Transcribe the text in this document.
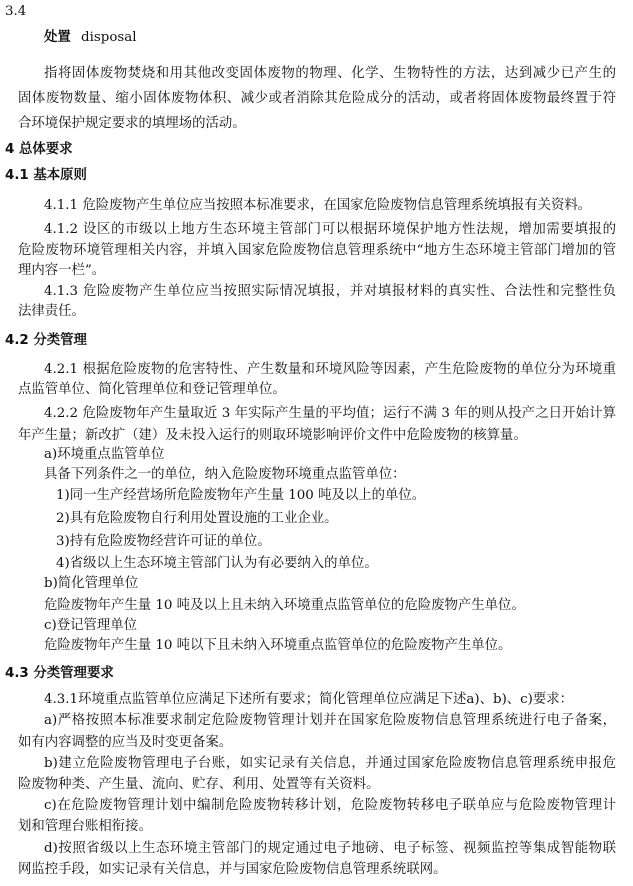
3.4
处置 disposal
指将固体废物焚烧和用其他改变固体废物的物理、化学、生物特性的方法，达到减少已产生的
固体废物数量、缩小固体废物体积、减少或者消除其危险成分的活动，或者将固体废物最终置于符
合环境保护规定要求的填埋场的活动。
4 总体要求
4.1 基本原则
4.1.1 危险废物产生单位应当按照本标准要求，在国家危险废物信息管理系统填报有关资料。
4.1.2 设区的市级以上地方生态环境主管部门可以根据环境保护地方性法规，增加需要填报的
危险废物环境管理相关内容，并填入国家危险废物信息管理系统中“地方生态环境主管部门增加的管
理内容一栏”。
4.1.3 危险废物产生单位应当按照实际情况填报，并对填报材料的真实性、合法性和完整性负
法律责任。
4.2 分类管理
4.2.1 根据危险废物的危害特性、产生数量和环境风险等因素，产生危险废物的单位分为环境重
点监管单位、简化管理单位和登记管理单位。
4.2.2 危险废物年产生量取近 3 年实际产生量的平均值；运行不满 3 年的则从投产之日开始计算
年产生量；新改扩（建）及未投入运行的则取环境影响评价文件中危险废物的核算量。
a)环境重点监管单位
具备下列条件之一的单位，纳入危险废物环境重点监管单位：
1)同一生产经营场所危险废物年产生量 100 吨及以上的单位。
2)具有危险废物自行利用处置设施的工业企业。
3)持有危险废物经营许可证的单位。
4)省级以上生态环境主管部门认为有必要纳入的单位。
b)简化管理单位
危险废物年产生量 10 吨及以上且未纳入环境重点监管单位的危险废物产生单位。
c)登记管理单位
危险废物年产生量 10 吨以下且未纳入环境重点监管单位的危险废物产生单位。
4.3 分类管理要求
4.3.1环境重点监管单位应满足下述所有要求；简化管理单位应满足下述a)、b)、c)要求：
a)严格按照本标准要求制定危险废物管理计划并在国家危险废物信息管理系统进行电子备案，
如有内容调整的应当及时变更备案。
b)建立危险废物管理电子台账，如实记录有关信息，并通过国家危险废物信息管理系统申报危
险废物种类、产生量、流向、贮存、利用、处置等有关资料。
c)在危险废物管理计划中编制危险废物转移计划，危险废物转移电子联单应与危险废物管理计
划和管理台账相衔接。
d)按照省级以上生态环境主管部门的规定通过电子地磅、电子标签、视频监控等集成智能物联
网监控手段，如实记录有关信息，并与国家危险废物信息管理系统联网。
